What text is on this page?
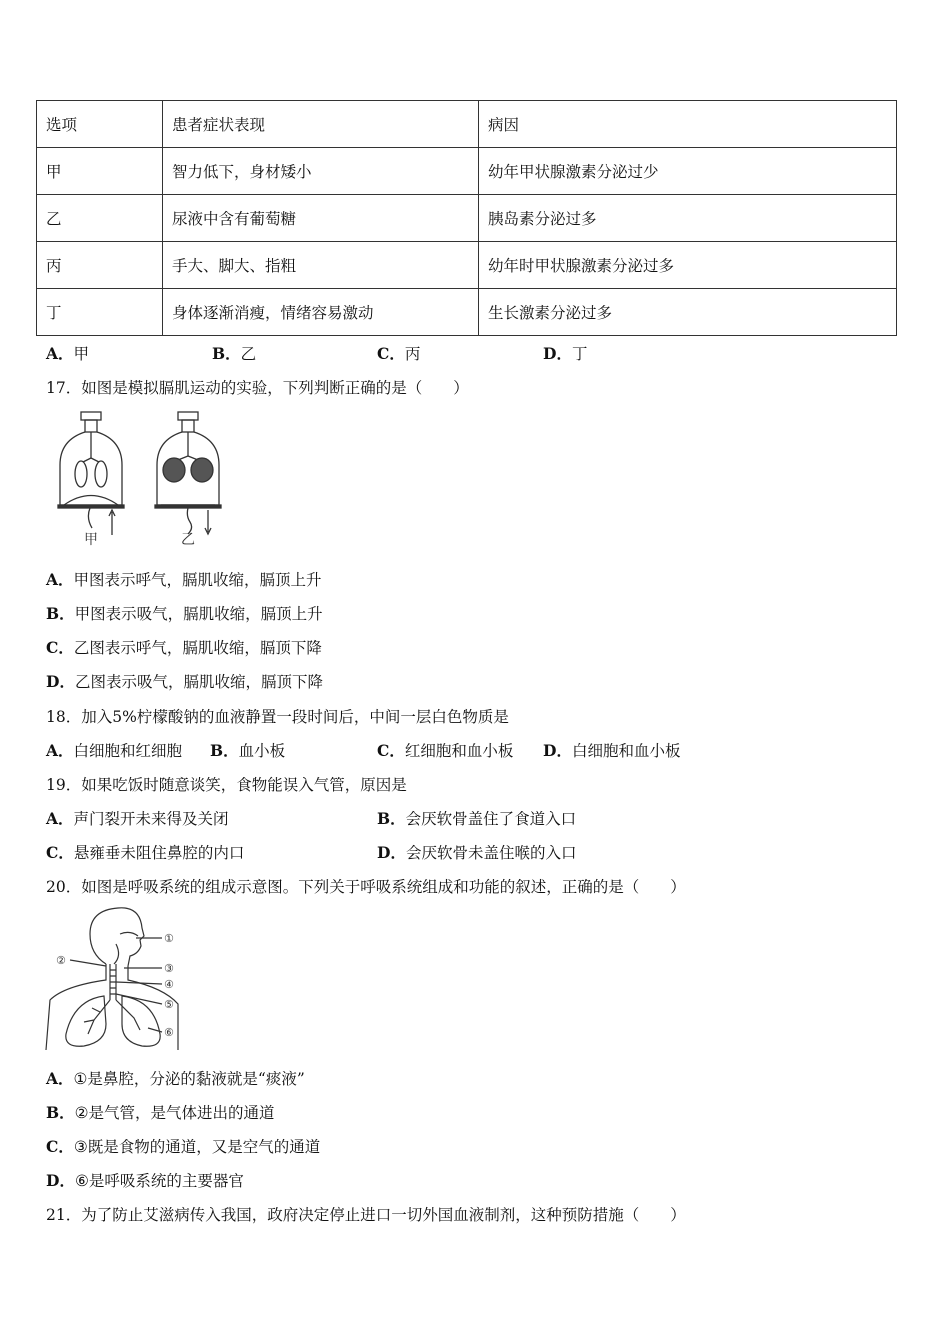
选项	患者症状表现	病因
甲	智力低下，身材矮小	幼年甲状腺激素分泌过少
乙	尿液中含有葡萄糖	胰岛素分泌过多
丙	手大、脚大、指粗	幼年时甲状腺激素分泌过多
丁	身体逐渐消瘦，情绪容易激动	生长激素分泌过多
A．甲	B．乙	C．丙	D．丁
17．如图是模拟膈肌运动的实验，下列判断正确的是（　　）
甲	乙
A．甲图表示呼气，膈肌收缩，膈顶上升
B．甲图表示吸气，膈肌收缩，膈顶上升
C．乙图表示呼气，膈肌收缩，膈顶下降
D．乙图表示吸气，膈肌收缩，膈顶下降
18．加入5%柠檬酸钠的血液静置一段时间后，中间一层白色物质是
A．白细胞和红细胞 B．血小板	C．红细胞和血小板 D．白细胞和血小板
19．如果吃饭时随意谈笑，食物能误入气管，原因是
A．声门裂开未来得及关闭	B．会厌软骨盖住了食道入口
C．悬雍垂未阻住鼻腔的内口	D．会厌软骨未盖住喉的入口
20．如图是呼吸系统的组成示意图。下列关于呼吸系统组成和功能的叙述，正确的是（　　）
①
②
③
④
⑤
⑥
A．①是鼻腔，分泌的黏液就是“痰液”
B．②是气管，是气体进出的通道
C．③既是食物的通道，又是空气的通道
D．⑥是呼吸系统的主要器官
21．为了防止艾滋病传入我国，政府决定停止进口一切外国血液制剂，这种预防措施（　　）
